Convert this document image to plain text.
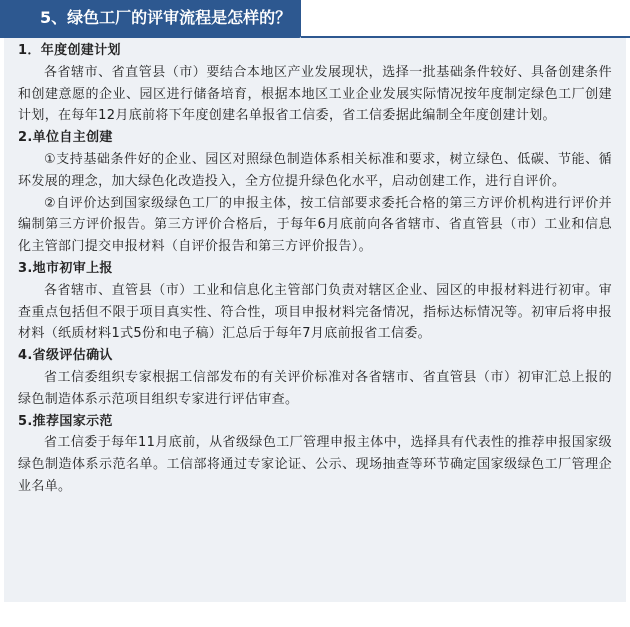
5、绿色工厂的评审流程是怎样的？

1．年度创建计划

各省辖市、省直管县（市）要结合本地区产业发展现状，选择一批基础条件较好、具备创建条件和创建意愿的企业、园区进行储备培育，根据本地区工业企业发展实际情况按年度制定绿色工厂创建计划，在每年12月底前将下年度创建名单报省工信委，省工信委据此编制全年度创建计划。

2.单位自主创建

①支持基础条件好的企业、园区对照绿色制造体系相关标准和要求，树立绿色、低碳、节能、循环发展的理念，加大绿色化改造投入，全方位提升绿色化水平，启动创建工作，进行自评价。

②自评价达到国家级绿色工厂的申报主体，按工信部要求委托合格的第三方评价机构进行评价并编制第三方评价报告。第三方评价合格后，于每年6月底前向各省辖市、省直管县（市）工业和信息化主管部门提交申报材料（自评价报告和第三方评价报告）。

3.地市初审上报

各省辖市、直管县（市）工业和信息化主管部门负责对辖区企业、园区的申报材料进行初审。审查重点包括但不限于项目真实性、符合性，项目申报材料完备情况，指标达标情况等。初审后将申报材料（纸质材料1式5份和电子稿）汇总后于每年7月底前报省工信委。

4.省级评估确认

省工信委组织专家根据工信部发布的有关评价标准对各省辖市、省直管县（市）初审汇总上报的绿色制造体系示范项目组织专家进行评估审查。

5.推荐国家示范

省工信委于每年11月底前，从省级绿色工厂管理申报主体中，选择具有代表性的推荐申报国家级绿色制造体系示范名单。工信部将通过专家论证、公示、现场抽查等环节确定国家级绿色工厂管理企业名单。
